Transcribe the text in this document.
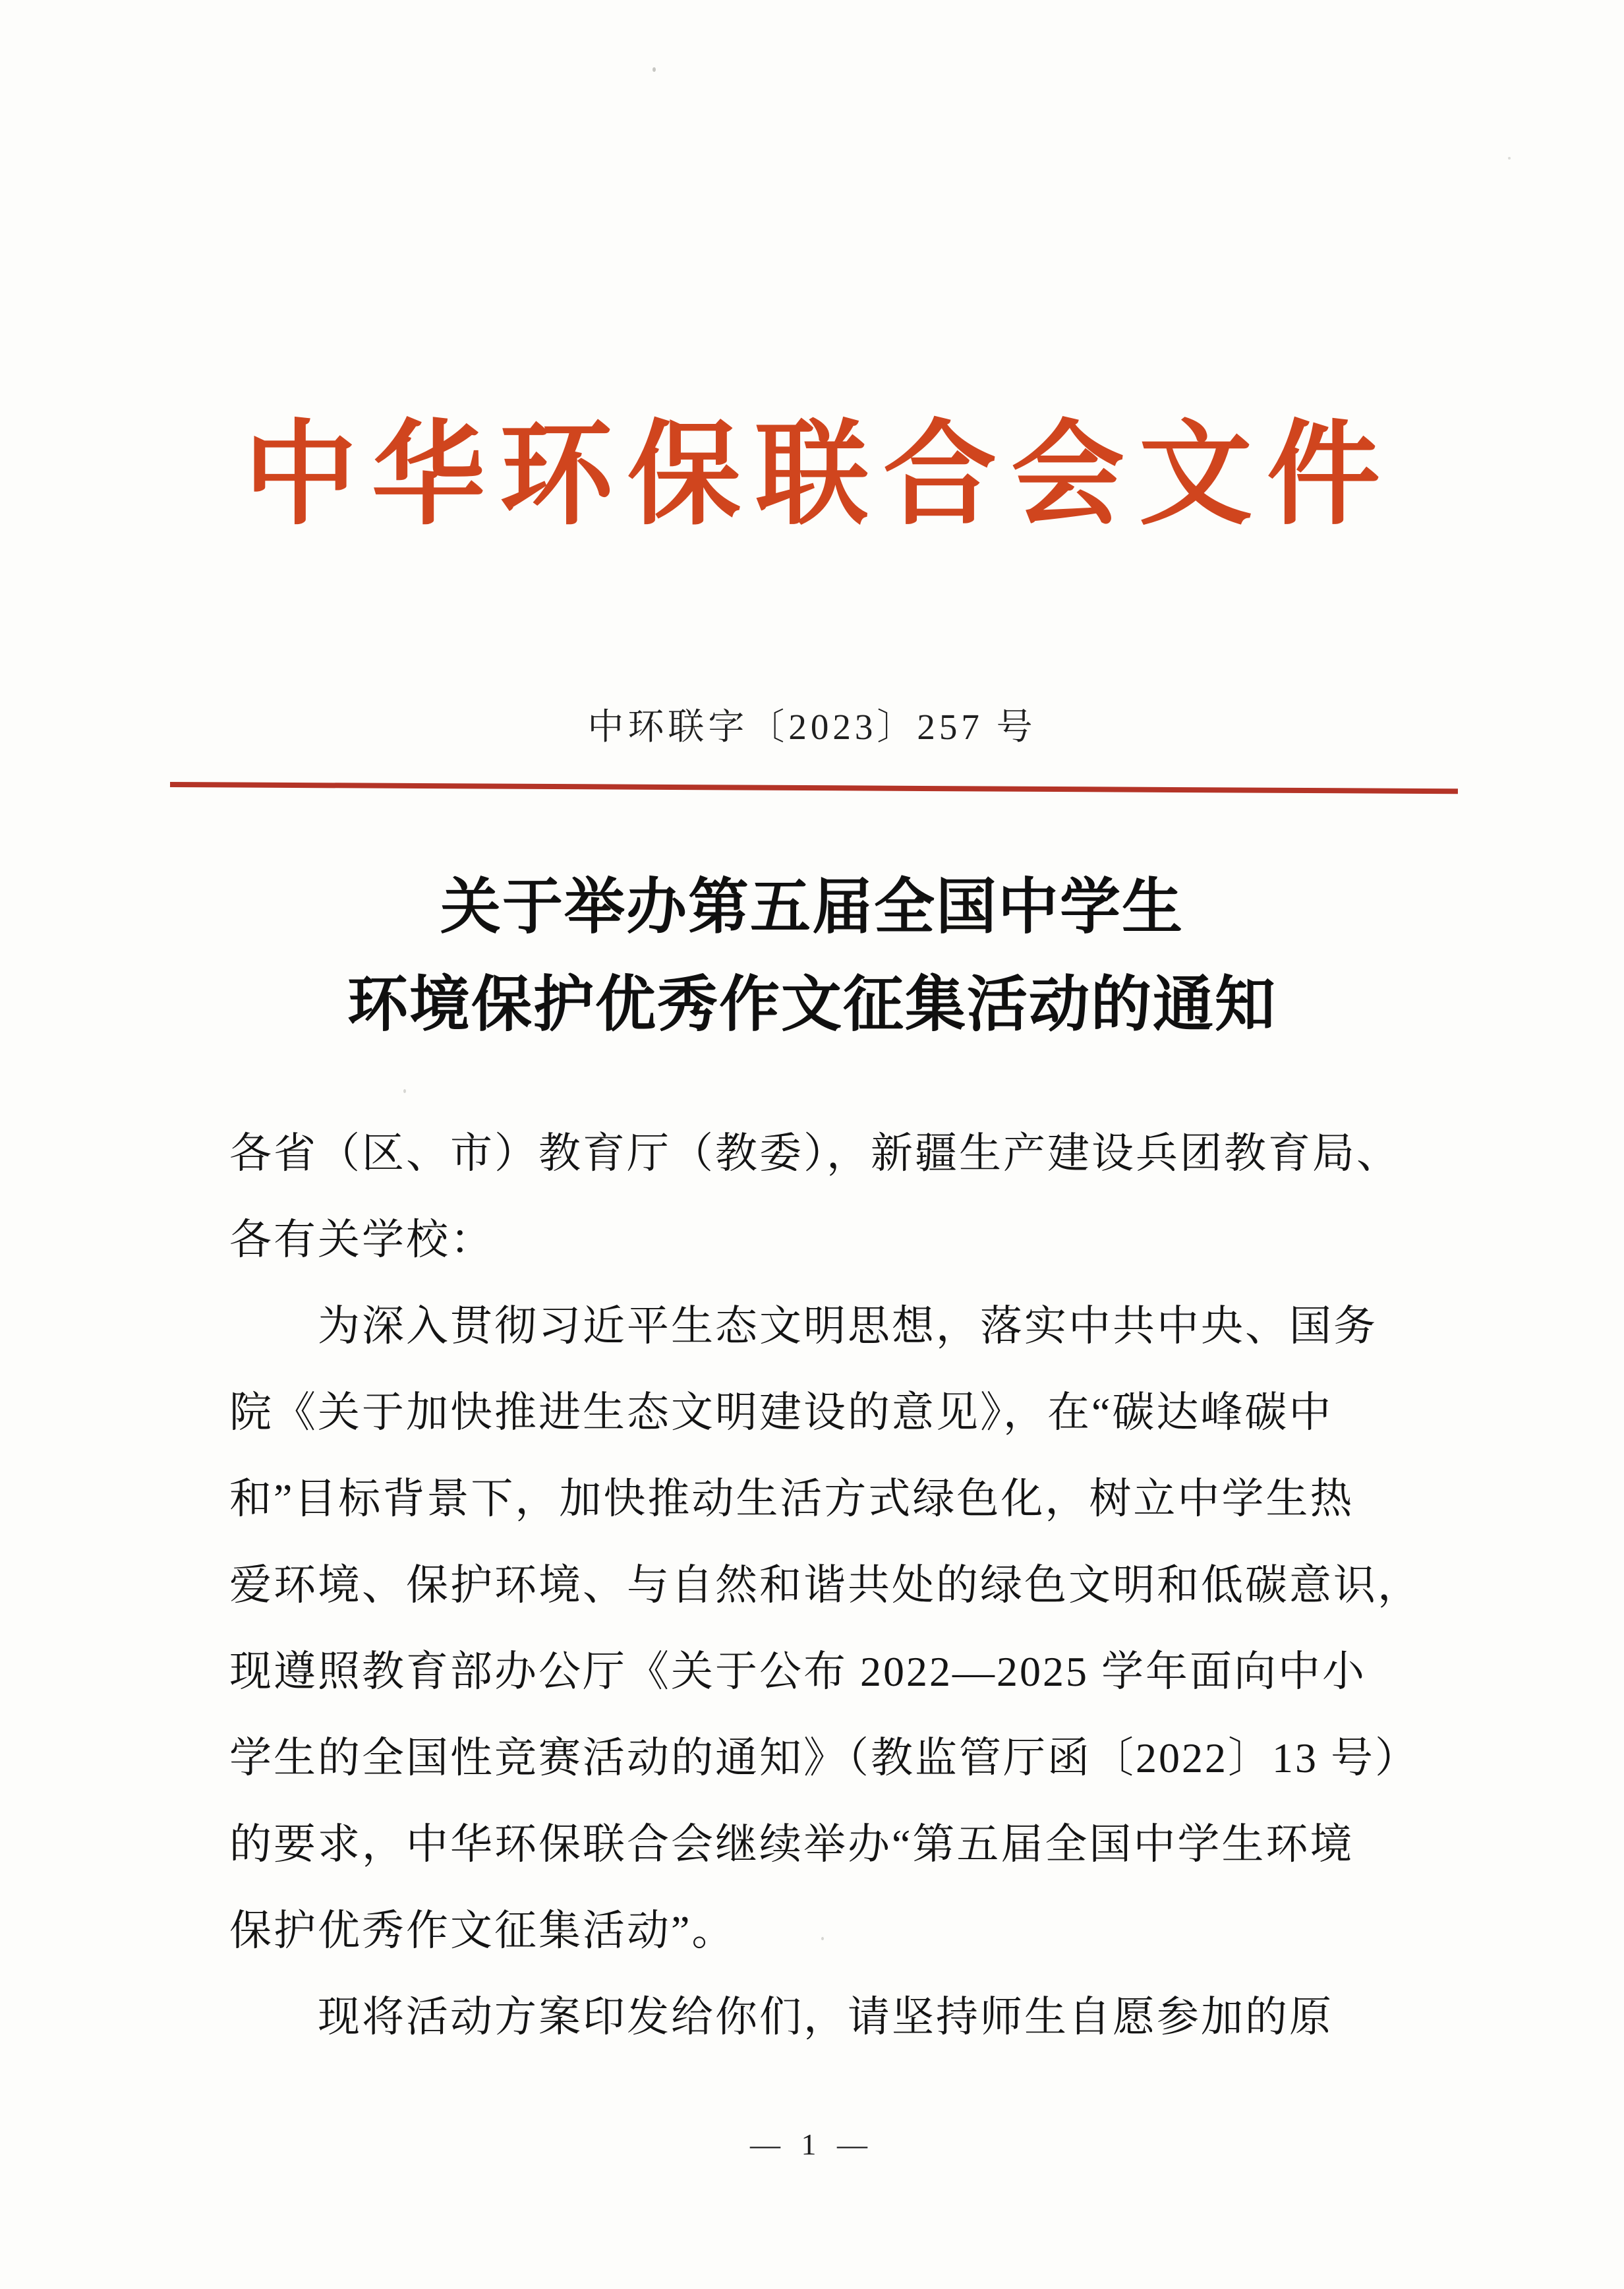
中华环保联合会文件
中环联字〔2023〕257 号
关于举办第五届全国中学生
环境保护优秀作文征集活动的通知
各省（区、市）教育厅（教委），新疆生产建设兵团教育局、
各有关学校：
为深入贯彻习近平生态文明思想，落实中共中央、国务
院《关于加快推进生态文明建设的意见》，在“碳达峰碳中
和”目标背景下，加快推动生活方式绿色化，树立中学生热
爱环境、保护环境、与自然和谐共处的绿色文明和低碳意识，
现遵照教育部办公厅《关于公布 2022—2025 学年面向中小
学生的全国性竞赛活动的通知》（教监管厅函〔2022〕13 号）
的要求，中华环保联合会继续举办“第五届全国中学生环境
保护优秀作文征集活动”。
现将活动方案印发给你们，请坚持师生自愿参加的原
— 1 —
